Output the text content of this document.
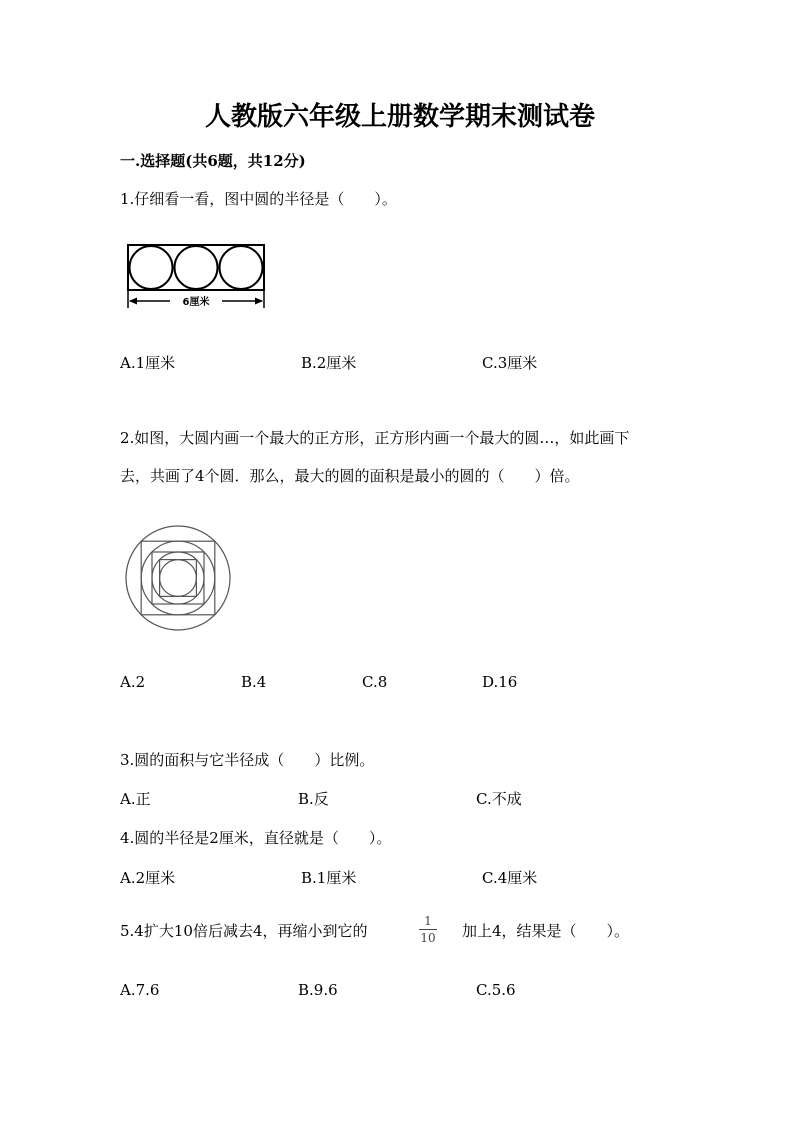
人教版六年级上册数学期末测试卷
一.选择题(共6题，共12分)
1.仔细看一看，图中圆的半径是（　　）。
6厘米
A.1厘米	B.2厘米	C.3厘米
2.如图，大圆内画一个最大的正方形，正方形内画一个最大的圆…，如此画下
去，共画了4个圆．那么，最大的圆的面积是最小的圆的（　　）倍。
A.2	B.4	C.8	D.16
3.圆的面积与它半径成（　　）比例。
A.正	B.反	C.不成
4.圆的半径是2厘米，直径就是（　　）。
A.2厘米	B.1厘米	C.4厘米
5.4扩大10倍后减去4，再缩小到它的
1
10 加上4，结果是（　　）。
A.7.6	B.9.6	C.5.6
